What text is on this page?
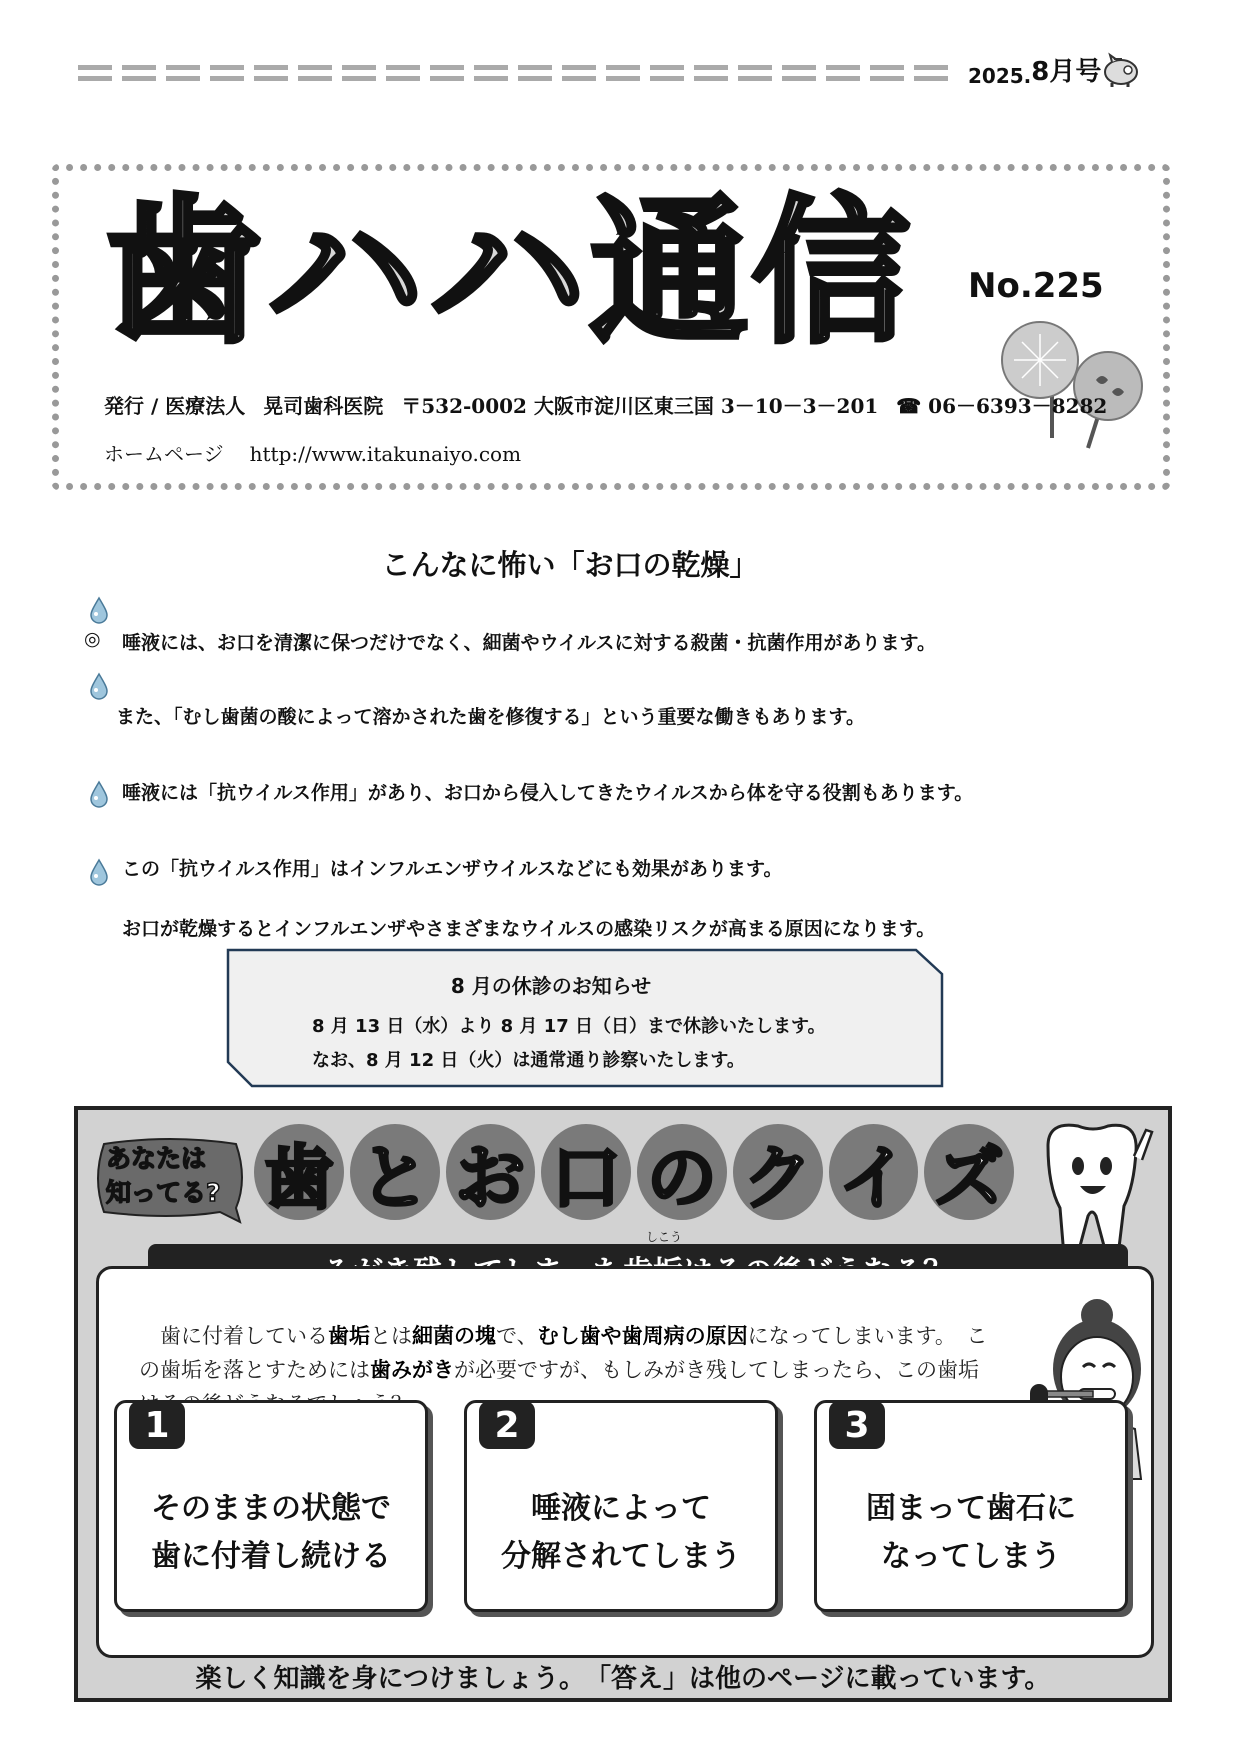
2025. 8月号
歯ハハ通信 No.225
発行 / 医療法人 晃司歯科医院 〒532-0002 大阪市淀川区東三国 3－10－3－201 ☎ 06－6393－8282
ホームページ http://www.itakunaiyo.com
こんなに怖い「お口の乾燥」
◎	唾液には、お口を清潔に保つだけでなく、細菌やウイルスに対する殺菌・抗菌作用があります。
また、「むし歯菌の酸によって溶かされた歯を修復する」という重要な働きもあります。
唾液には「抗ウイルス作用」があり、お口から侵入してきたウイルスから体を守る役割もあります。
この「抗ウイルス作用」はインフルエンザウイルスなどにも効果があります。
お口が乾燥するとインフルエンザやさまざまなウイルスの感染リスクが高まる原因になります。
8 月の休診のお知らせ
8 月 13 日（水）より 8 月 17 日（日）まで休診いたします。
なお、8 月 12 日（火）は通常通り診察いたします。
あなたは
知ってる? 歯 と お 口 の ク イ ズ
しこう
　歯に付着している歯垢とは細菌の塊で、むし歯や歯周病の原因になってしまいます。　この歯垢を落とすためには歯みがきが必要ですが、もしみがき残してしまったら、この歯垢
1
そのままの状態で
歯に付着し続ける
2
唾液によって
分解されてしまう
3
固まって歯石に
なってしまう
楽しく知識を身につけましょう。　「答え」は他のページに載っています。
